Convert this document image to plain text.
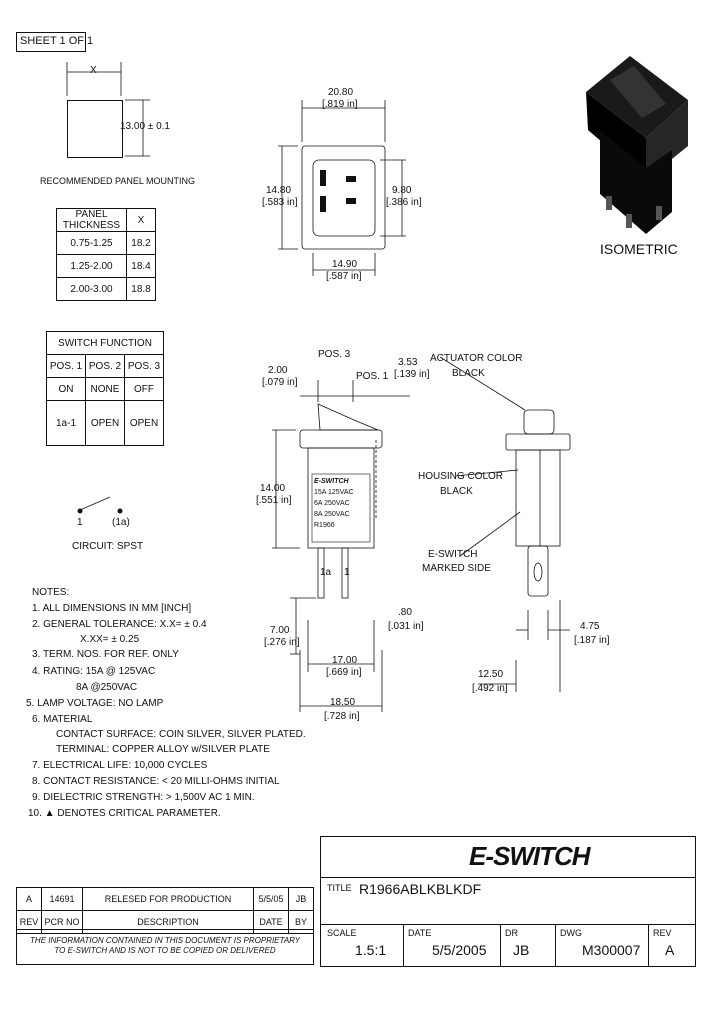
SHEET 1 OF 1
X
13.00 ± 0.1
RECOMMENDED PANEL MOUNTING
PANEL THICKNESS	X
0.75-1.25	18.2
1.25-2.00	18.4
2.00-3.00	18.8
20.80
[.819 in]
14.80
[.583 in]
9.80
[.386 in]
14.90
[.587 in]
ISOMETRIC
SWITCH FUNCTION		
POS. 1	POS. 2	POS. 3
ON	NONE	OFF
1a-1	OPEN	OPEN
1	(1a)
CIRCUIT: SPST
POS. 3
POS. 1
2.00
[.079 in]
3.53
[.139 in]
14.00
[.551 in]
7.00
[.276 in]
17.00
[.669 in]
18.50
[.728 in]
1a 1
E-SWITCH
15A 125VAC
6A 250VAC
8A 250VAC
R1966
ACTUATOR COLOR
BLACK
HOUSING COLOR
BLACK
E-SWITCH
MARKED SIDE
.80
[.031 in]	4.75
[.187 in]
12.50
[.492 in]
NOTES:
1. ALL DIMENSIONS IN MM [INCH]
2. GENERAL TOLERANCE: X.X= ± 0.4
X.XX= ± 0.25
3. TERM. NOS. FOR REF. ONLY
4. RATING: 15A @ 125VAC
8A @250VAC
5. LAMP VOLTAGE: NO LAMP
6. MATERIAL
CONTACT SURFACE: COIN SILVER, SILVER PLATED.
TERMINAL: COPPER ALLOY w/SILVER PLATE
7. ELECTRICAL LIFE: 10,000 CYCLES
8. CONTACT RESISTANCE: < 20 MILLI-OHMS INITIAL
9. DIELECTRIC STRENGTH: > 1,500V AC 1 MIN.
10. ▲ DENOTES CRITICAL PARAMETER.
A	14691	RELESED FOR PRODUCTION	5/5/05	JB
REV	PCR NO	DESCRIPTION	DATE	BY
THE INFORMATION CONTAINED IN THIS DOCUMENT IS PROPRIETARY
TO E-SWITCH AND IS NOT TO BE COPIED OR DELIVERED
E-SWITCH
TITLE R1966ABLKBLKDF
SCALE
1.5:1
DATE
5/5/2005
DR
JB
DWG
M300007
REV
A
